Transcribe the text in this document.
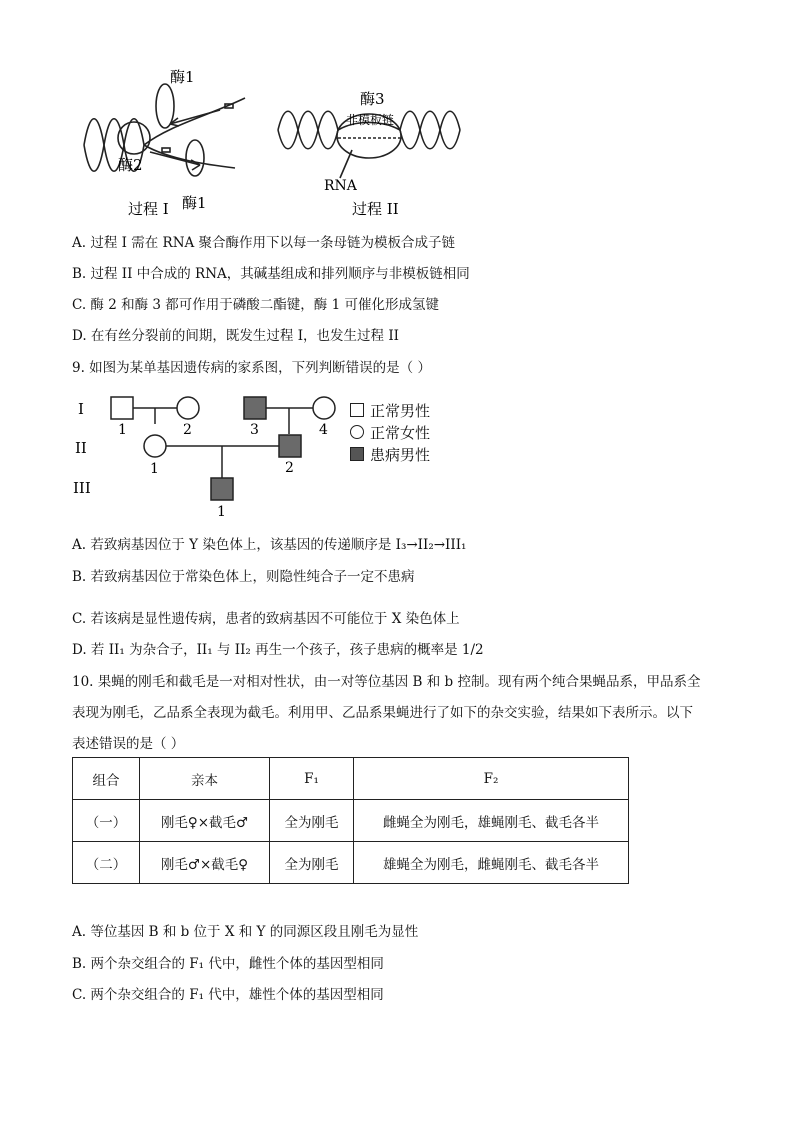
酶1
酶2
酶1
过程 I
酶3
非模板链
RNA
过程 II
A. 过程 I 需在 RNA 聚合酶作用下以每一条母链为模板合成子链
B. 过程 II 中合成的 RNA，其碱基组成和排列顺序与非模板链相同
C. 酶 2 和酶 3 都可作用于磷酸二酯键，酶 1 可催化形成氢键
D. 在有丝分裂前的间期，既发生过程 I，也发生过程 II
9. 如图为某单基因遗传病的家系图，下列判断错误的是（ ）
I
II
III
1	2	3	4
1	2
1
正常男性
正常女性
患病男性
A. 若致病基因位于 Y 染色体上，该基因的传递顺序是 I₃→II₂→III₁
B. 若致病基因位于常染色体上，则隐性纯合子一定不患病
C. 若该病是显性遗传病，患者的致病基因不可能位于 X 染色体上
D. 若 II₁ 为杂合子，II₁ 与 II₂ 再生一个孩子，孩子患病的概率是 1/2
10. 果蝇的刚毛和截毛是一对相对性状，由一对等位基因 B 和 b 控制。现有两个纯合果蝇品系，甲品系全
表现为刚毛，乙品系全表现为截毛。利用甲、乙品系果蝇进行了如下的杂交实验，结果如下表所示。以下
表述错误的是（ ）
组合	亲本	F₁	F₂
（一）	刚毛♀×截毛♂	全为刚毛	雌蝇全为刚毛，雄蝇刚毛、截毛各半
（二）	刚毛♂×截毛♀	全为刚毛	雄蝇全为刚毛，雌蝇刚毛、截毛各半
A. 等位基因 B 和 b 位于 X 和 Y 的同源区段且刚毛为显性
B. 两个杂交组合的 F₁ 代中，雌性个体的基因型相同
C. 两个杂交组合的 F₁ 代中，雄性个体的基因型相同
